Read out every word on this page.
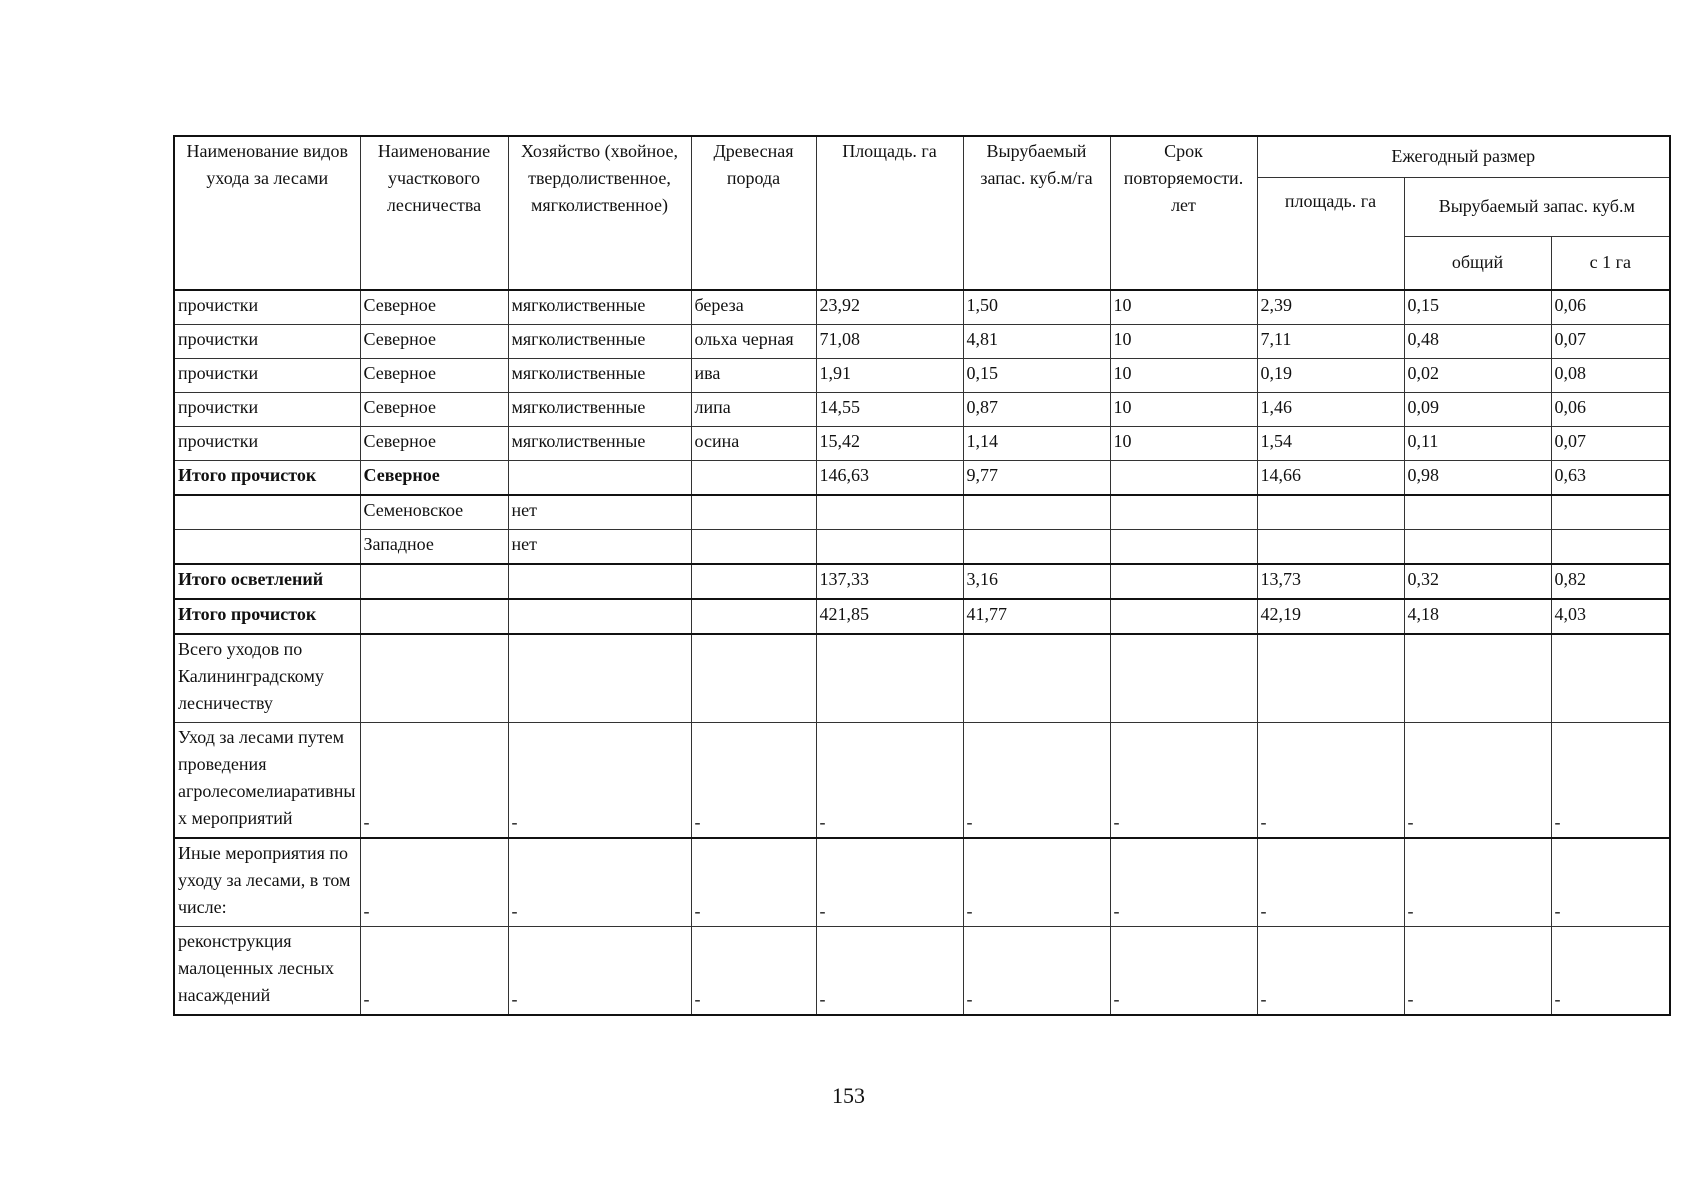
Наименование видов ухода за лесами	Наименование участкового лесничества	Хозяйство (хвойное, твердолиственное, мягколиственное)	Древесная порода	Площадь. га	Вырубаемый запас. куб.м/га	Срок повторяемости. лет	Ежегодный размер		
							площадь. га	Вырубаемый запас. куб.м	
								общий	с 1 га
прочистки	Северное	мягколиственные	береза	23,92	1,50	10	2,39	0,15	0,06
прочистки	Северное	мягколиственные	ольха черная	71,08	4,81	10	7,11	0,48	0,07
прочистки	Северное	мягколиственные	ива	1,91	0,15	10	0,19	0,02	0,08
прочистки	Северное	мягколиственные	липа	14,55	0,87	10	1,46	0,09	0,06
прочистки	Северное	мягколиственные	осина	15,42	1,14	10	1,54	0,11	0,07
Итого прочисток	Северное			146,63	9,77		14,66	0,98	0,63
	Семеновское	нет							
	Западное	нет							
Итого осветлений				137,33	3,16		13,73	0,32	0,82
Итого прочисток				421,85	41,77		42,19	4,18	4,03
Всего уходов по Калининградскому лесничеству									
Уход за лесами путем проведения агролесомелиаративных мероприятий	-	-	-	-	-	-	-	-	-
Иные мероприятия по уходу за лесами, в том числе:	-	-	-	-	-	-	-	-	-
реконструкция малоценных лесных насаждений	-	-	-	-	-	-	-	-	-
153
